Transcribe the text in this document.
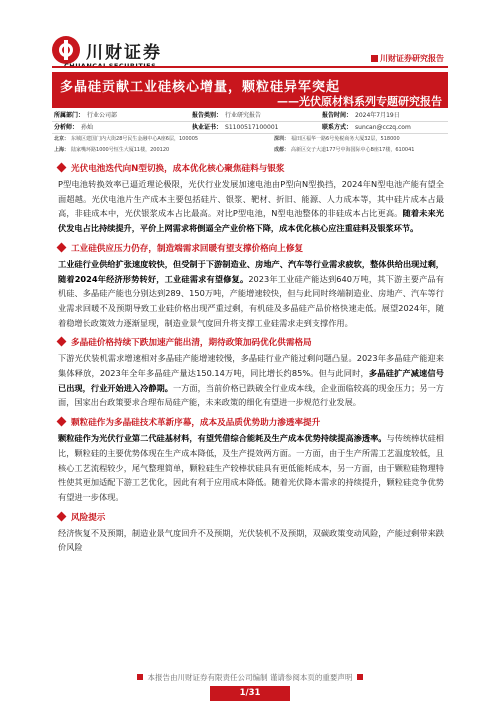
川财证券	川财证券研究报告
多晶硅贡献工业硅核心增量，颗粒硅异军突起
——光伏原材料系列专题研究报告
所属部门： 行业公司部	报告类别： 行业研究报告	报告时间： 2024年7月19日
分析师： 孙灿	执业证书： S1100517100001	联系方式： suncan@cczq.com
北京： 东城区建国门内大街28号民生金融中心A座6层，100005	深圳： 福田区福华一路6号免税商务大厦32层，518000
上海： 陆家嘴环路1000号恒生大厦11楼，200120	成都： 高新区交子大道177号中海国际中心B座17楼，610041
光伏电池迭代向N型切换，成本优化核心聚焦硅料与银浆
P型电池转换效率已逼近理论极限，光伏行业发展加速电池由P型向N型换挡，2024年N型电池产能有望全面超越。光伏电池片生产成本主要包括硅片、银浆、靶材、折旧、能源、人力成本等，其中硅片成本占最高，非硅成本中，光伏银浆成本占比最高。对比P型电池，N型电池整体的非硅成本占比更高。随着未来光伏发电占比持续提升，平价上网需求将倒逼全产业价格下降，成本优化核心应注重硅料及银浆环节。
工业硅供应压力仍存，制造端需求回暖有望支撑价格向上修复
工业硅行业供给扩张速度较快，但受制于下游制造业、房地产、汽车等行业需求疲软，整体供给出现过剩，随着2024年经济形势转好，工业硅需求有望修复。2023年工业硅产能达到640万吨，其下游主要产品有机硅、多晶硅产能也分别达到289、150万吨，产能增速较快，但与此同时终端制造业、房地产、汽车等行业需求回暖不及预期导致工业硅价格出现严重过剩，有机硅及多晶硅产品价格快速走低。展望2024年，随着稳增长政策效力逐渐显现，制造业景气度回升将支撑工业硅需求走到支撑作用。
多晶硅价格持续下跌加速产能出清，期待政策加码优化供需格局
下游光伏装机需求增速相对多晶硅产能增速较慢，多晶硅行业产能过剩问题凸显。2023年多晶硅产能迎来集体释放，2023年全年多晶硅产量达150.14万吨，同比增长约85%。但与此同时，多晶硅扩产减速信号已出现，行业开始进入冷静期。一方面，当前价格已跌破全行业成本线，企业面临较高的现金压力；另一方面，国家出台政策要求合理布局硅产能，未来政策的细化有望进一步规范行业发展。
颗粒硅作为多晶硅技术革新序幕，成本及品质优势助力渗透率提升
颗粒硅作为光伏行业第二代硅基材料，有望凭借综合能耗及生产成本优势持续提高渗透率。与传统棒状硅相比，颗粒硅的主要优势体现在生产成本降低，及生产提效两方面。一方面，由于生产所需工艺温度较低，且核心工艺流程较少，尾气整理简单，颗粒硅生产较棒状硅具有更低能耗成本，另一方面，由于颗粒硅物理特性使其更加适配下游工艺优化，因此有利于应用成本降低。随着光伏降本需求的持续提升，颗粒硅竞争优势有望进一步体现。
风险提示
经济恢复不及预期，制造业景气度回升不及预期，光伏装机不及预期，双碳政策变动风险，产能过剩带来跌价风险
本报告由川财证券有限责任公司编制 谨请参阅本页的重要声明
1/31
